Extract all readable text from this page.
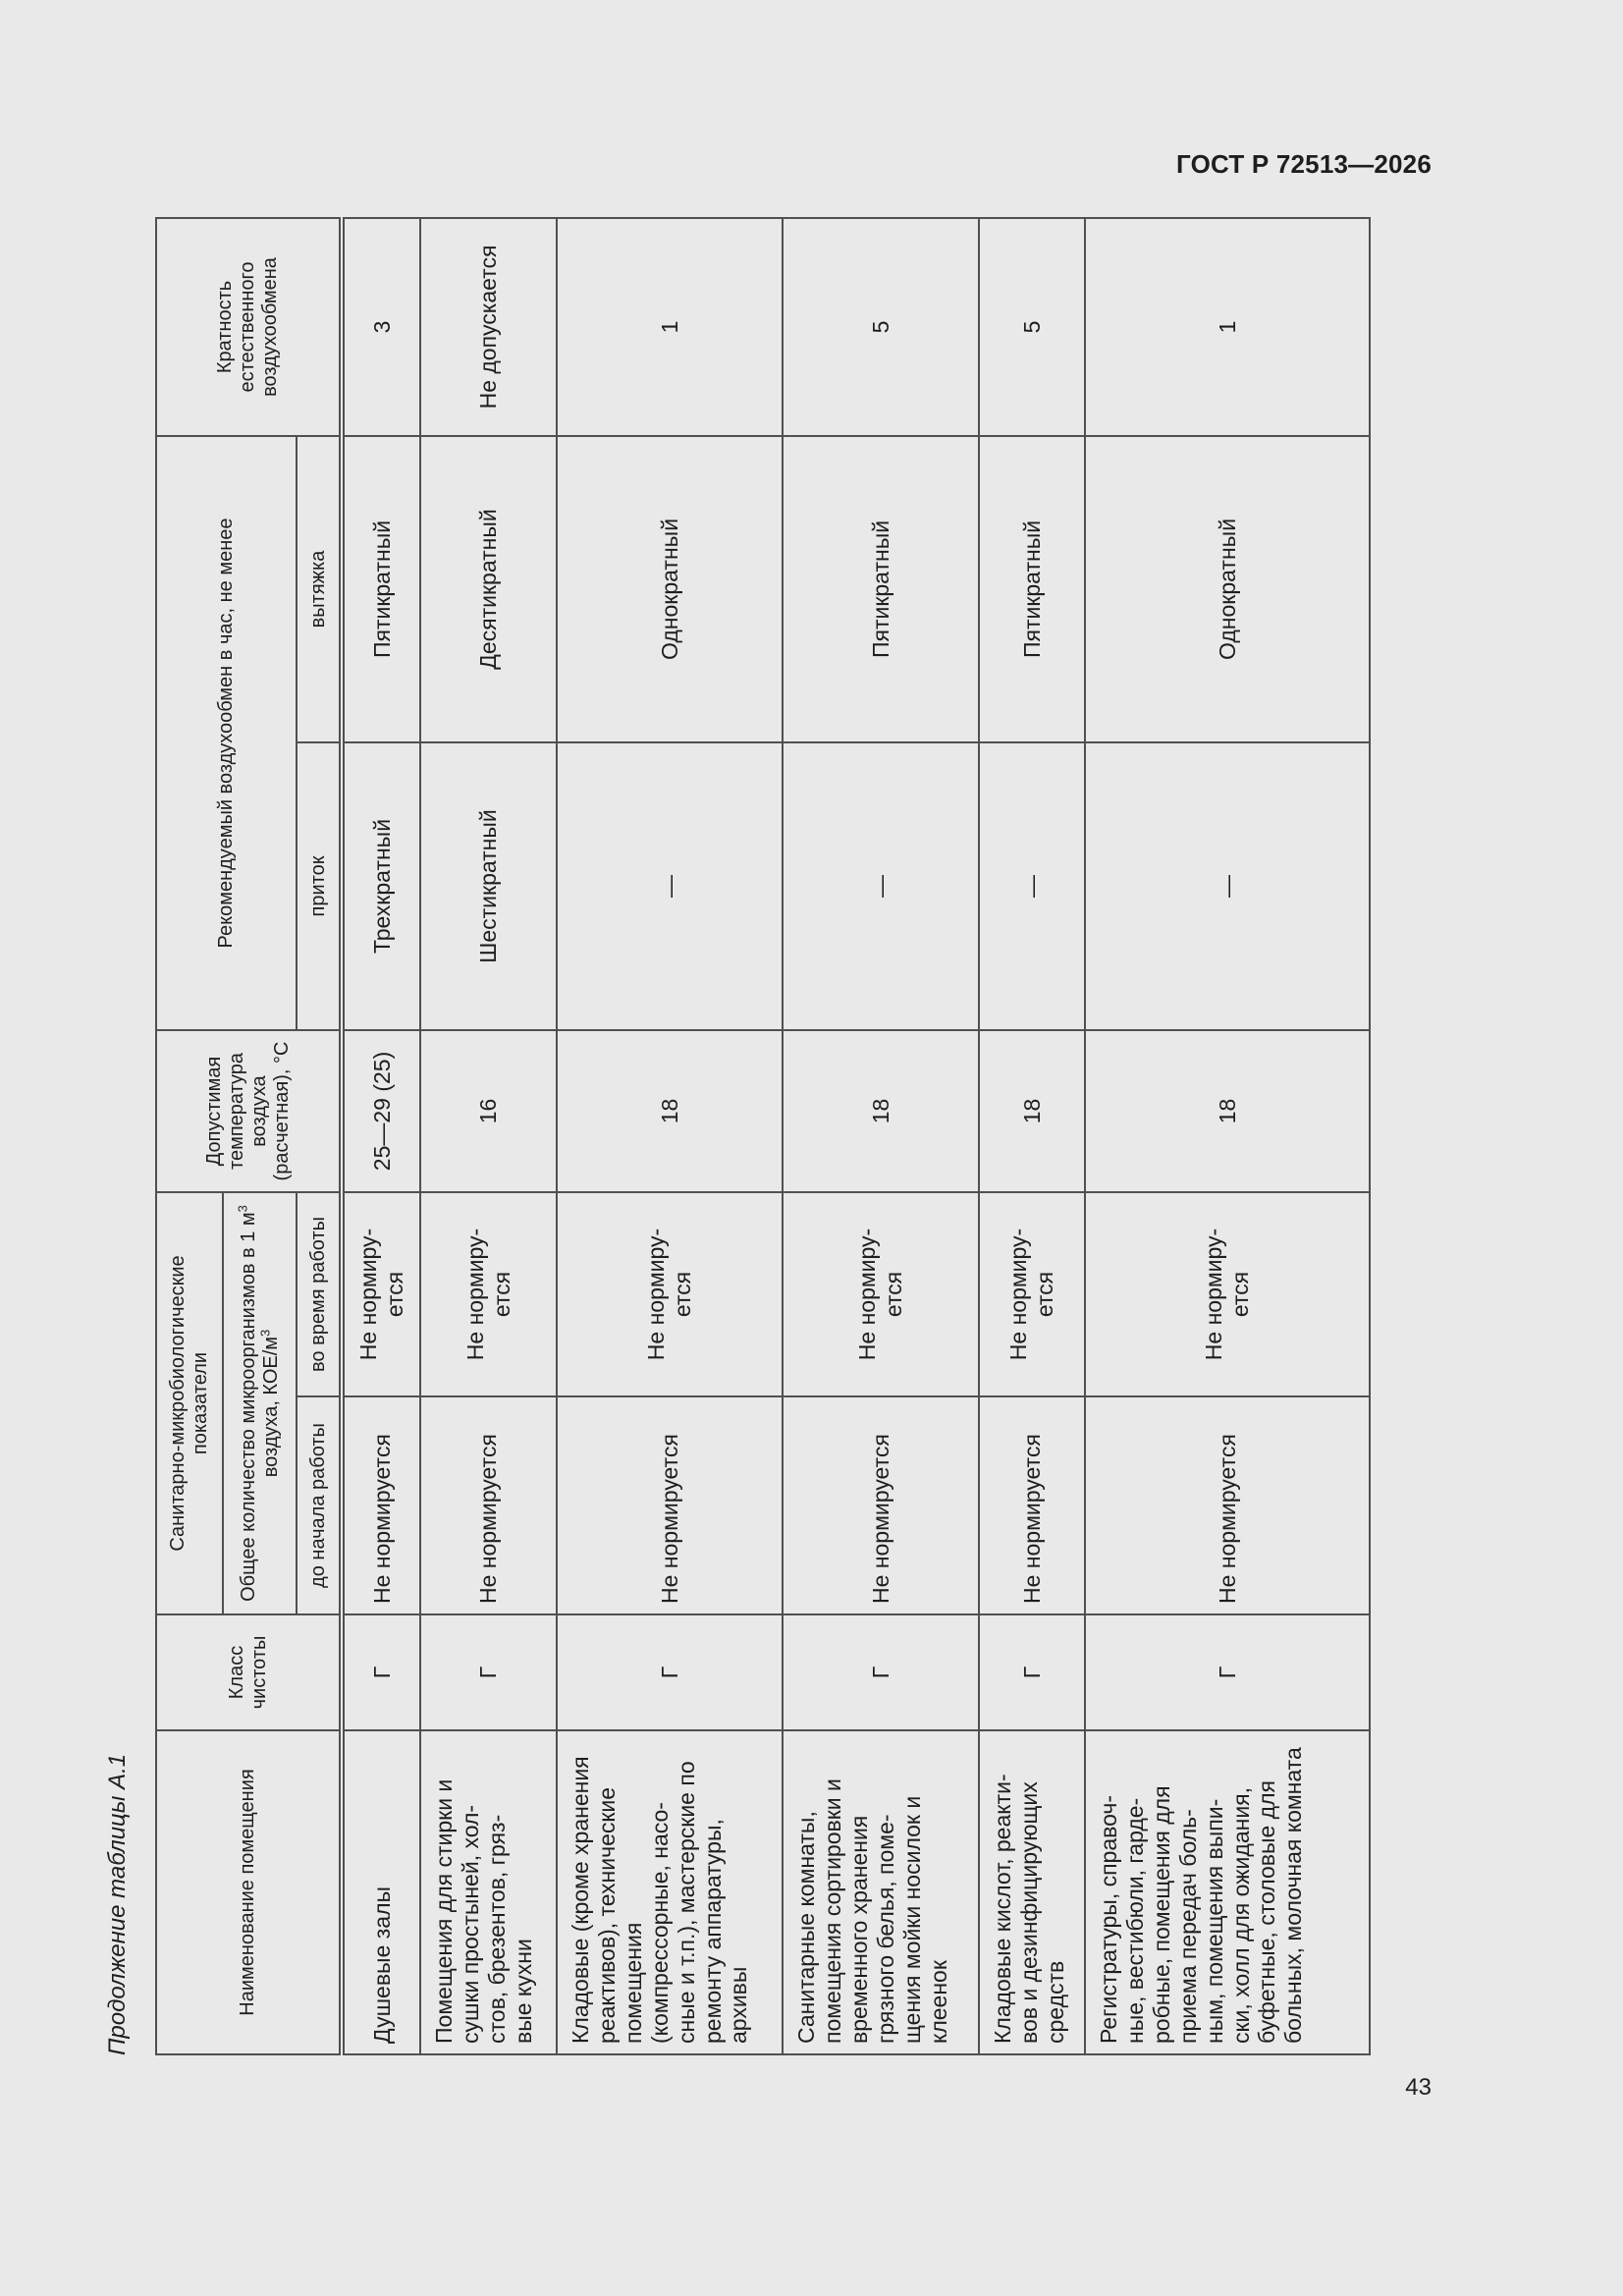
ГОСТ Р 72513—2026
Продолжение таблицы А.1	Наименование помещения	Класс чистоты	Санитарно-микробиологические показатели		Допустимая температура воздуха (расчетная), °С	Рекомендуемый воздухообмен в час, не менее		Кратность естественного воздухообмена
		Общее количество микроорганизмов в 1 $м^3$ воздуха, КОЕ/$м^3$
		до начала работы	во время работы		приток	вытяжка	
Душевые залы	Г	Не нормируется	Не нормиру-
ется	25—29 (25)	Трехкратный	Пятикратный	3
Помещения для стирки и сушки простыней, хол-
стов, брезентов, гряз-
вые кухни	Г	Не нормируется	Не нормиру-
ется	16	Шестикратный	Десятикратный	Не допускается
Кладовые (кроме хранения реактивов), технические помещения (компрессорные, насо-
сные и т.п.), мастерские по ремонту аппаратуры, архивы	Г	Не нормируется	Не нормиру-
ется	18	—	Однократный	1
Санитарные комнаты, помещения сортировки и временного хранения грязного белья, поме-
щения мойки носилок и клеенок	Г	Не нормируется	Не нормиру-
ется	18	—	Пятикратный	5
Кладовые кислот, реакти-
вов и дезинфицирующих средств	Г	Не нормируется	Не нормиру-
ется	18	—	Пятикратный	5
Регистратуры, справоч-
ные, вестибюли, гарде-
робные, помещения для приема передач боль-
ным, помещения выпи-
ски, холл для ожидания, буфетные, столовые для больных, молочная комната	Г	Не нормируется	Не нормиру-
ется	18	—	Однократный	1
43
